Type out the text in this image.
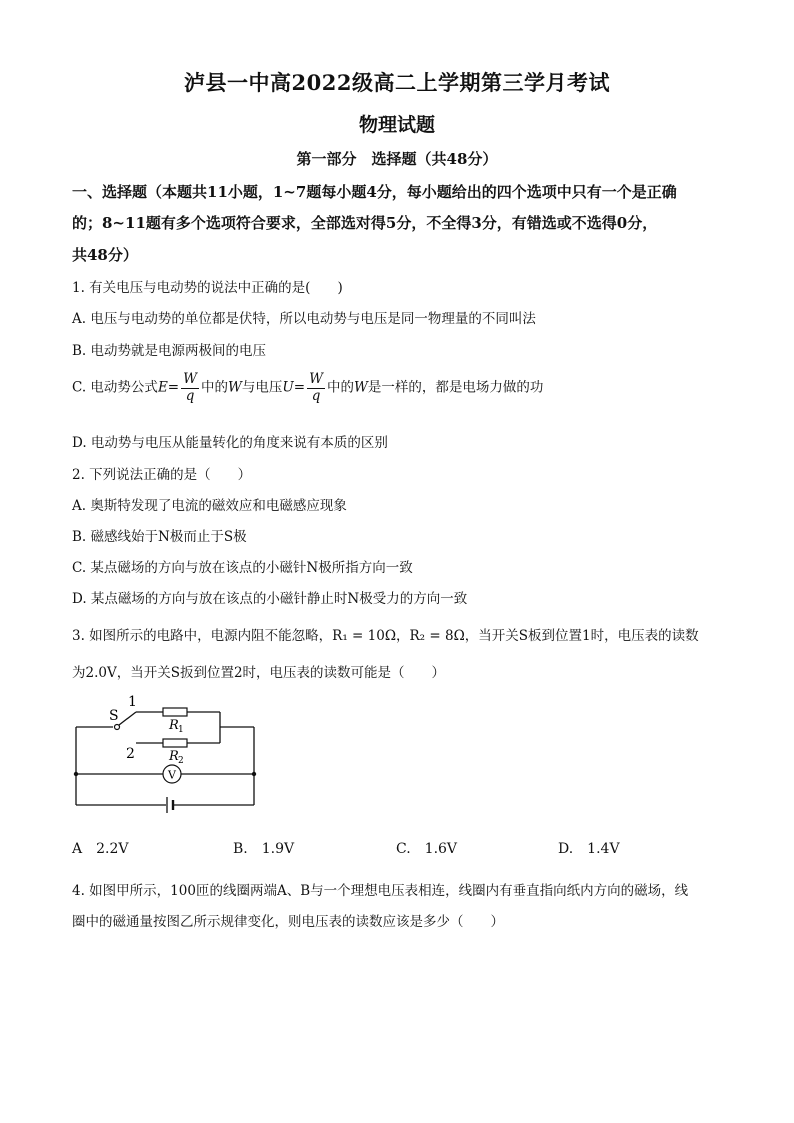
泸县一中高2022级高二上学期第三学月考试
物理试题
第一部分　选择题（共48分）
一、选择题（本题共11小题，1~7题每小题4分，每小题给出的四个选项中只有一个是正确
的；8~11题有多个选项符合要求，全部选对得5分，不全得3分，有错选或不选得0分，
共48分）
1. 有关电压与电动势的说法中正确的是(　　)
A. 电压与电动势的单位都是伏特，所以电动势与电压是同一物理量的不同叫法
B. 电动势就是电源两极间的电压
C. 电动势公式$E= \frac{W}{q}$ 中的W与电压$U= \frac{W}{q}$ 中的W是一样的，都是电场力做的功
D. 电动势与电压从能量转化的角度来说有本质的区别
2. 下列说法正确的是（　　）
A. 奥斯特发现了电流的磁效应和电磁感应现象
B. 磁感线始于N极而止于S极
C. 某点磁场的方向与放在该点的小磁针N极所指方向一致
D. 某点磁场的方向与放在该点的小磁针静止时N极受力的方向一致
3. 如图所示的电路中，电源内阻不能忽略，R₁ = 10Ω，R₂ = 8Ω，当开关S板到位置1时，电压表的读数
为2.0V，当开关S扳到位置2时，电压表的读数可能是（　　）
V
S
1
2
R 1
R 2
A　2.2V	B.　1.9V	C.　1.6V	D.　1.4V
4. 如图甲所示，100匝的线圈两端A、B与一个理想电压表相连，线圈内有垂直指向纸内方向的磁场，线
圈中的磁通量按图乙所示规律变化，则电压表的读数应该是多少（　　）
